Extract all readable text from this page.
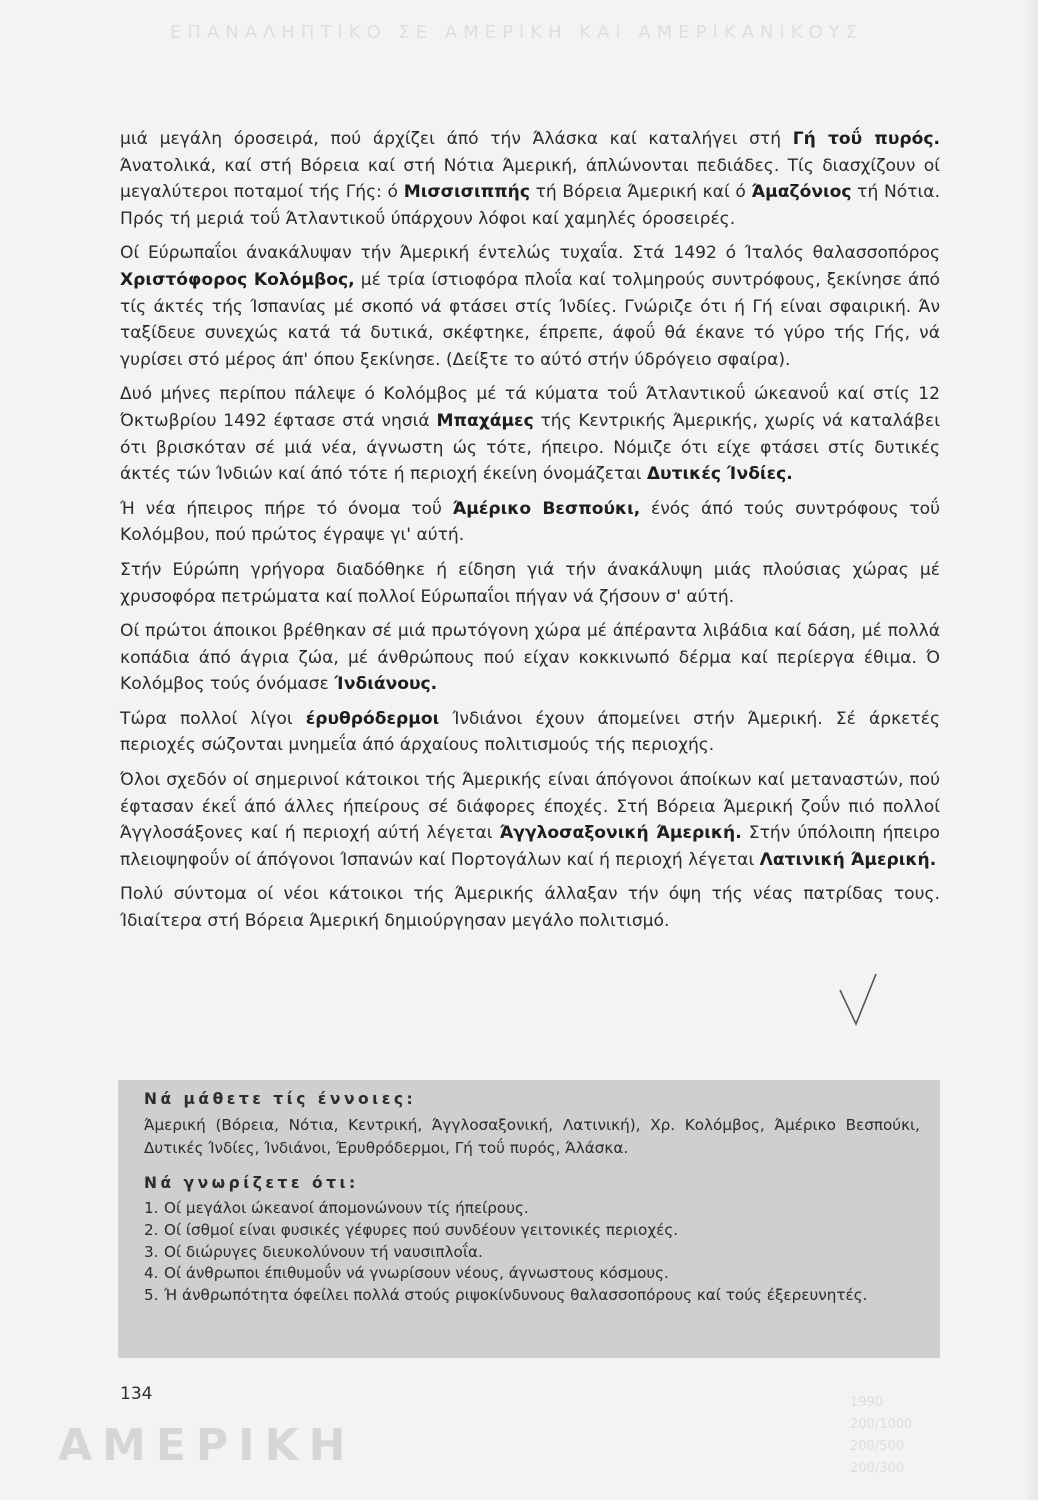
ΕΠΑΝΑΛΗΠΤΙΚΟ ΣΕ ΑΜΕΡΙΚΗ ΚΑΙ ΑΜΕΡΙΚΑΝΙΚΟΥΣ

μιά μεγάλη όροσειρά, πού άρχίζει άπό τήν Άλάσκα καί καταλήγει στή Γή τοΰ πυρός. Άνατολικά, καί στή Βόρεια καί στή Νότια Άμερική, άπλώνονται πεδιάδες. Τίς διασχίζουν οί μεγαλύτεροι ποταμοί τής Γής: ό Μισσισιππής τή Βόρεια Άμερική καί ό Άμαζόνιος τή Νότια. Πρός τή μεριά τοΰ Άτλαντικοΰ ύπάρχουν λόφοι καί χαμηλές όροσειρές.

Οί Εύρωπαΐοι άνακάλυψαν τήν Άμερική έντελώς τυχαΐα. Στά 1492 ό Ίταλός θαλασσοπόρος Χριστόφορος Κολόμβος, μέ τρία ίστιοφόρα πλοΐα καί τολμηρούς συντρόφους, ξεκίνησε άπό τίς άκτές τής Ίσπανίας μέ σκοπό νά φτάσει στίς Ίνδίες. Γνώριζε ότι ή Γή είναι σφαιρική. Άν ταξίδευε συνεχώς κατά τά δυτικά, σκέφτηκε, έπρεπε, άφοΰ θά έκανε τό γύρο τής Γής, νά γυρίσει στό μέρος άπ' όπου ξεκίνησε. (Δείξτε το αύτό στήν ύδρόγειο σφαίρα).

Δυό μήνες περίπου πάλεψε ό Κολόμβος μέ τά κύματα τοΰ Άτλαντικοΰ ώκεανοΰ καί στίς 12 Όκτωβρίου 1492 έφτασε στά νησιά Μπαχάμες τής Κεντρικής Άμερικής, χωρίς νά καταλάβει ότι βρισκόταν σέ μιά νέα, άγνωστη ώς τότε, ήπειρο. Νόμιζε ότι είχε φτάσει στίς δυτικές άκτές τών Ίνδιών καί άπό τότε ή περιοχή έκείνη όνομάζεται Δυτικές Ίνδίες.

Ή νέα ήπειρος πήρε τό όνομα τοΰ Άμέρικο Βεσπούκι, ένός άπό τούς συντρόφους τοΰ Κολόμβου, πού πρώτος έγραψε γι' αύτή.

Στήν Εύρώπη γρήγορα διαδόθηκε ή είδηση γιά τήν άνακάλυψη μιάς πλούσιας χώρας μέ χρυσοφόρα πετρώματα καί πολλοί Εύρωπαΐοι πήγαν νά ζήσουν σ' αύτή.

Οί πρώτοι άποικοι βρέθηκαν σέ μιά πρωτόγονη χώρα μέ άπέραντα λιβάδια καί δάση, μέ πολλά κοπάδια άπό άγρια ζώα, μέ άνθρώπους πού είχαν κοκκινωπό δέρμα καί περίεργα έθιμα. Ό Κολόμβος τούς όνόμασε Ίνδιάνους.

Τώρα πολλοί λίγοι έρυθρόδερμοι Ίνδιάνοι έχουν άπομείνει στήν Άμερική. Σέ άρκετές περιοχές σώζονται μνημεΐα άπό άρχαίους πολιτισμούς τής περιοχής.

Όλοι σχεδόν οί σημερινοί κάτοικοι τής Άμερικής είναι άπόγονοι άποίκων καί μεταναστών, πού έφτασαν έκεΐ άπό άλλες ήπείρους σέ διάφορες έποχές. Στή Βόρεια Άμερική ζοΰν πιό πολλοί Άγγλοσάξονες καί ή περιοχή αύτή λέγεται Άγγλοσαξονική Άμερική. Στήν ύπόλοιπη ήπειρο πλειοψηφοΰν οί άπόγονοι Ίσπανών καί Πορτογάλων καί ή περιοχή λέγεται Λατινική Άμερική.

Πολύ σύντομα οί νέοι κάτοικοι τής Άμερικής άλλαξαν τήν όψη τής νέας πατρίδας τους. Ίδιαίτερα στή Βόρεια Άμερική δημιούργησαν μεγάλο πολιτισμό.

Νά μάθετε τίς έννοιες:

Άμερική (Βόρεια, Νότια, Κεντρική, Άγγλοσαξονική, Λατινική), Χρ. Κολόμβος, Άμέρικο Βεσπούκι, Δυτικές Ίνδίες, Ίνδιάνοι, Έρυθρόδερμοι, Γή τοΰ πυρός, Άλάσκα.

Νά γνωρίζετε ότι:
1. Οί μεγάλοι ώκεανοί άπομονώνουν τίς ήπείρους.
2. Οί ίσθμοί είναι φυσικές γέφυρες πού συνδέουν γειτονικές περιοχές.
3. Οί διώρυγες διευκολύνουν τή ναυσιπλοΐα.
4. Οί άνθρωποι έπιθυμοΰν νά γνωρίσουν νέους, άγνωστους κόσμους.
5. Ή άνθρωπότητα όφείλει πολλά στούς ριψοκίνδυνους θαλασσοπόρους καί τούς έξερευνητές.
134
ΑΜΕΡΙΚΗ
1990
200/1000
200/500
200/300
